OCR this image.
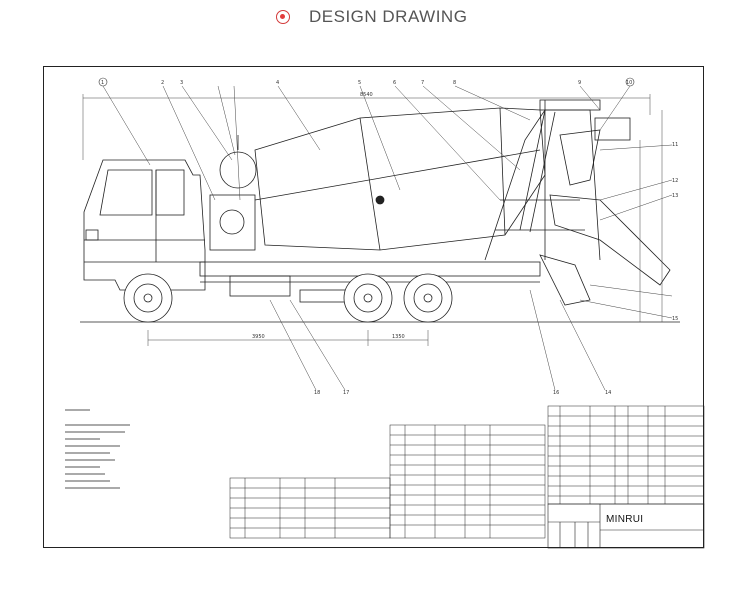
DESIGN DRAWING
8540
3950	1350
1	2	3	4	5	6	7	8	9	10
11
12
13
14
15
16
17
18
MINRUI
